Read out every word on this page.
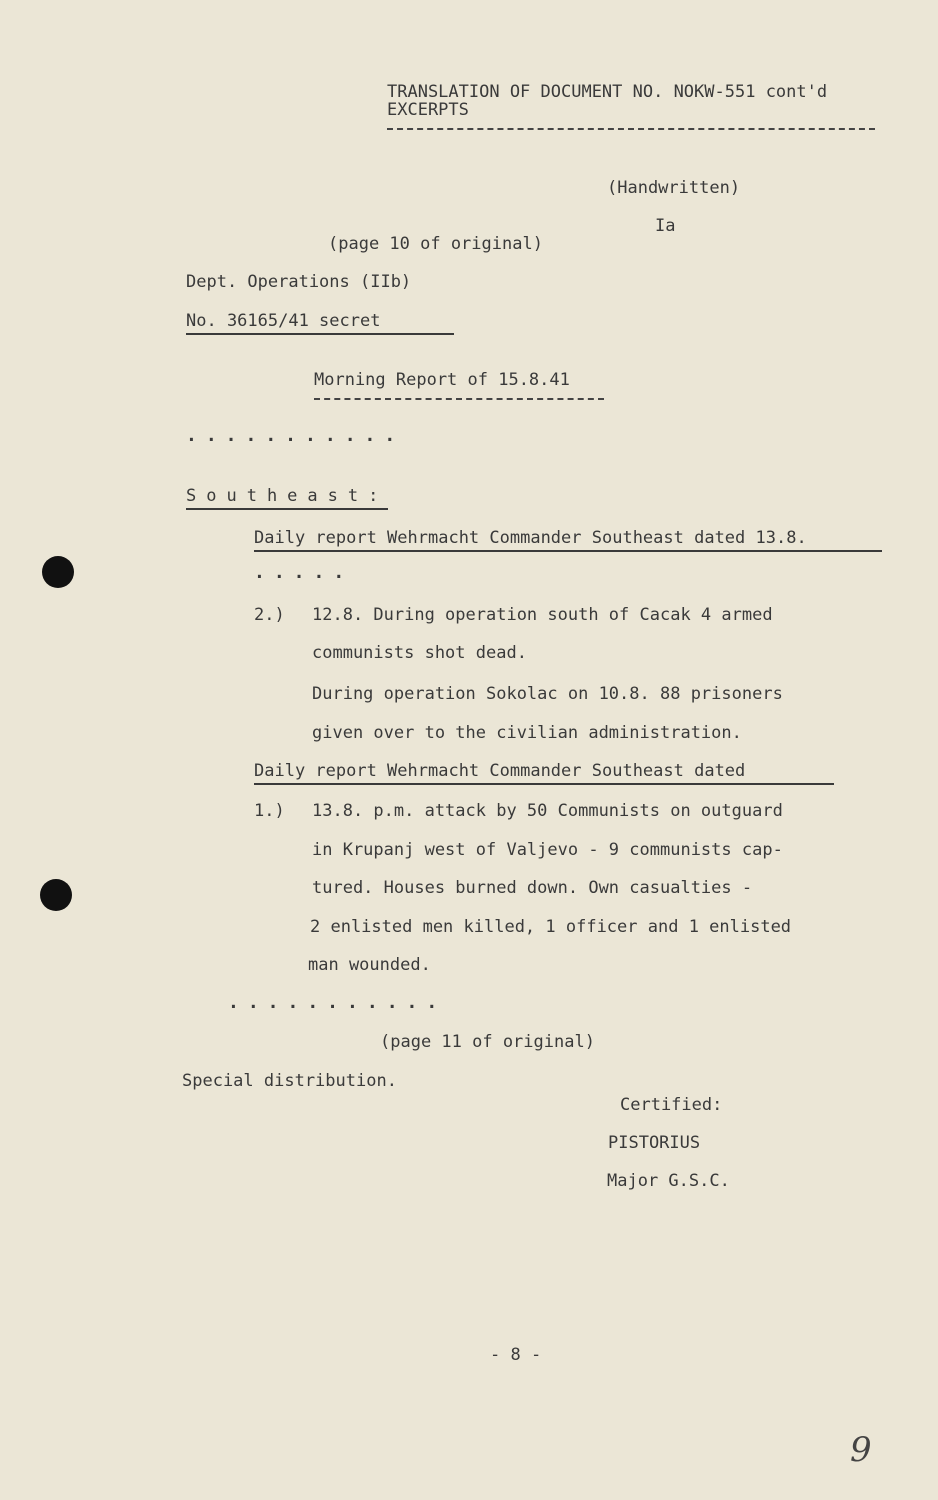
TRANSLATION OF DOCUMENT NO. NOKW-551 cont'd
EXCERPTS
(Handwritten)
Ia
(page 10 of original)
Dept. Operations (IIb)
No. 36165/41 secret
Morning Report of 15.8.41
...........
Southeast:
Daily report Wehrmacht Commander Southeast dated 13.8.
.....
2.) 12.8. During operation south of Cacak 4 armed
communists shot dead.
During operation Sokolac on 10.8. 88 prisoners
given over to the civilian administration.
Daily report Wehrmacht Commander Southeast dated
1.) 13.8. p.m. attack by 50 Communists on outguard
in Krupanj west of Valjevo - 9 communists cap-
tured. Houses burned down. Own casualties -
2 enlisted men killed, 1 officer and 1 enlisted
man wounded.
...........
(page 11 of original)
Special distribution.
Certified:
PISTORIUS
Major G.S.C.
- 8 -
9
